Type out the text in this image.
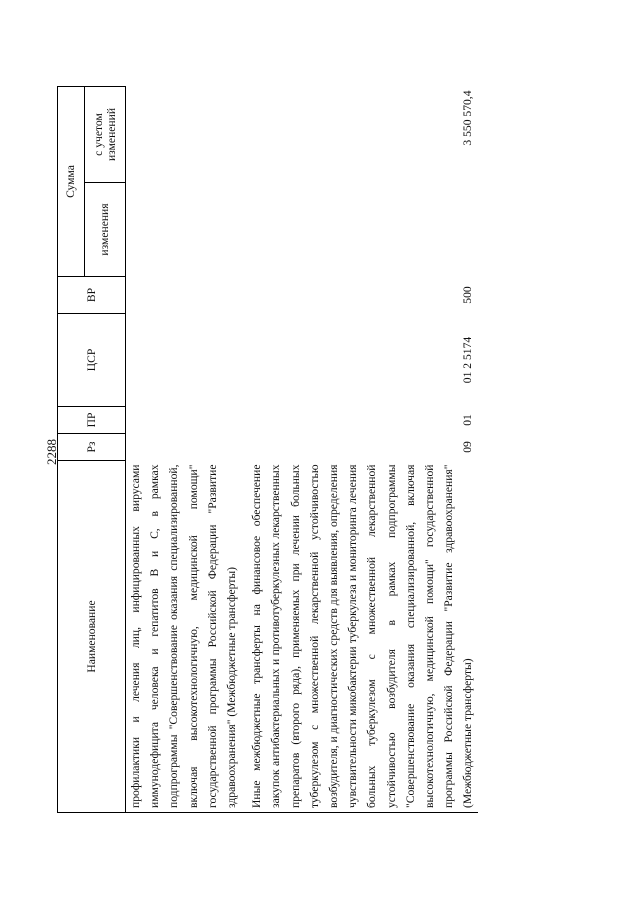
2288
Наименование	Рз	ПР	ЦСР	ВР	Сумма	
					изменения	с учетом изменений
профилактики и лечения лиц, инфицированных вирусами иммунодефицита человека и гепатитов В и С, в рамках подпрограммы "Совершенствование оказания специализированной, включая высокотехнологичную, медицинской помощи" государственной программы Российской Федерации "Развитие здравоохранения" (Межбюджетные трансферты)						

Иные межбюджетные трансферты на финансовое обеспечение закупок антибактериальных и противотуберкулезных лекарственных препаратов (второго ряда), применяемых при лечении больных туберкулезом с множественной лекарственной устойчивостью возбудителя, и диагностических средств для выявления, определения чувствительности микобактерии туберкулеза и мониторинга лечения больных туберкулезом с множественной лекарственной устойчивостью возбудителя в рамках подпрограммы "Совершенствование оказания специализированной, включая высокотехнологичную, медицинской помощи" государственной программы Российской Федерации "Развитие здравоохранения" (Межбюджетные трансферты)	09	01	01 2 5174	500		3 550 570,4
